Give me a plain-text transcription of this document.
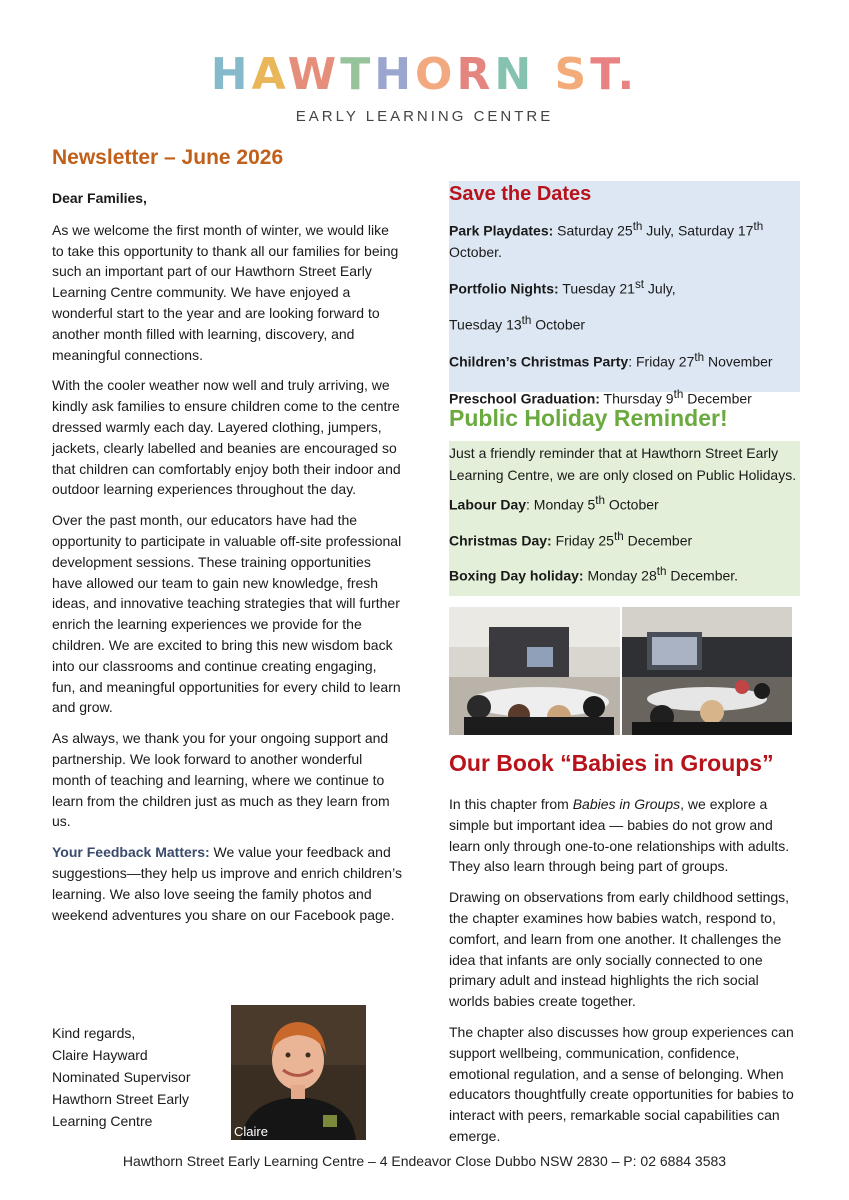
HAWTHORN ST.
EARLY LEARNING CENTRE
Newsletter – June 2026

Dear Families,

As we welcome the first month of winter, we would like to take this opportunity to thank all our families for being such an important part of our Hawthorn Street Early Learning Centre community. We have enjoyed a wonderful start to the year and are looking forward to another month filled with learning, discovery, and meaningful connections.

With the cooler weather now well and truly arriving, we kindly ask families to ensure children come to the centre dressed warmly each day. Layered clothing, jumpers, jackets, clearly labelled and beanies are encouraged so that children can comfortably enjoy both their indoor and outdoor learning experiences throughout the day.

Over the past month, our educators have had the opportunity to participate in valuable off-site professional development sessions. These training opportunities have allowed our team to gain new knowledge, fresh ideas, and innovative teaching strategies that will further enrich the learning experiences we provide for the children. We are excited to bring this new wisdom back into our classrooms and continue creating engaging, fun, and meaningful opportunities for every child to learn and grow.

As always, we thank you for your ongoing support and partnership. We look forward to another wonderful month of teaching and learning, where we continue to learn from the children just as much as they learn from us.

Your Feedback Matters: We value your feedback and suggestions—they help us improve and enrich children’s learning. We also love seeing the family photos and weekend adventures you share on our Facebook page.

Kind regards,
Claire Hayward
Nominated Supervisor
Hawthorn Street Early
Learning Centre
Claire
Save the Dates
Park Playdates: Saturday 25th July, Saturday 17th October.
Portfolio Nights: Tuesday 21st July,
Tuesday 13th October
Children’s Christmas Party: Friday 27th November
Preschool Graduation: Thursday 9th December
Public Holiday Reminder!
Just a friendly reminder that at Hawthorn Street Early Learning Centre, we are only closed on Public Holidays.
Labour Day: Monday 5th October
Christmas Day: Friday 25th December
Boxing Day holiday: Monday 28th December.
Our Book “Babies in Groups”

In this chapter from Babies in Groups, we explore a simple but important idea — babies do not grow and learn only through one-to-one relationships with adults. They also learn through being part of groups.

Drawing on observations from early childhood settings, the chapter examines how babies watch, respond to, comfort, and learn from one another. It challenges the idea that infants are only socially connected to one primary adult and instead highlights the rich social worlds babies create together.

The chapter also discusses how group experiences can support wellbeing, communication, confidence, emotional regulation, and a sense of belonging. When educators thoughtfully create opportunities for babies to interact with peers, remarkable social capabilities can emerge.

Hawthorn Street Early Learning Centre – 4 Endeavor Close Dubbo NSW 2830 – P: 02 6884 3583
